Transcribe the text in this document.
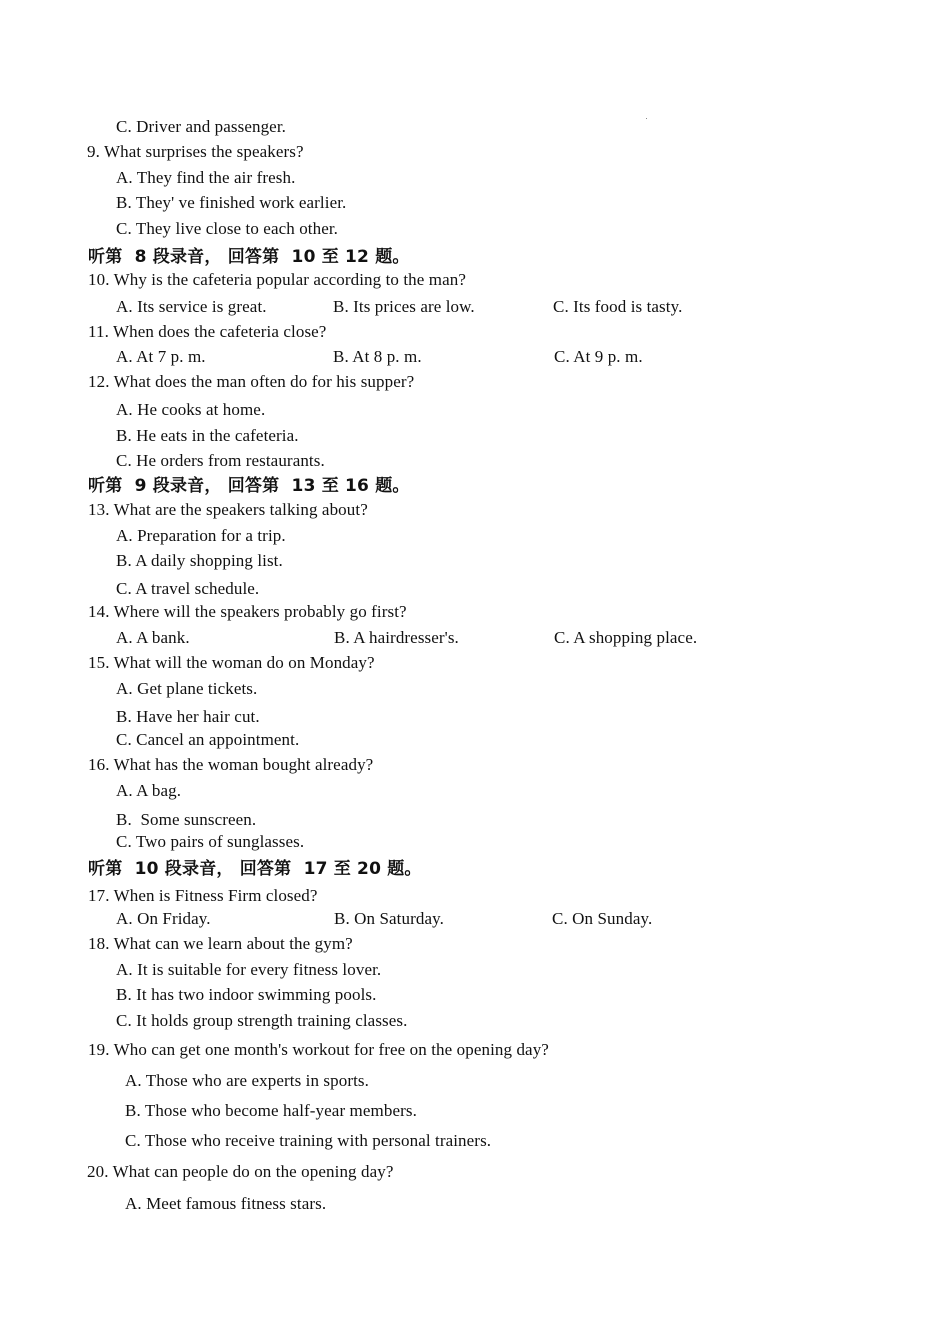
C. Driver and passenger.
9. What surprises the speakers?
A. They find the air fresh.
B. They' ve finished work earlier.
C. They live close to each other.
听第  8 段录音， 回答第  10 至 12 题。
10. Why is the cafeteria popular according to the man?
A. Its service is great.	B. Its prices are low.	C. Its food is tasty.
11. When does the cafeteria close?
A. At 7 p. m.	B. At 8 p. m.	C. At 9 p. m.
12. What does the man often do for his supper?
A. He cooks at home.
B. He eats in the cafeteria.
C. He orders from restaurants.
听第  9 段录音， 回答第  13 至 16 题。
13. What are the speakers talking about?
A. Preparation for a trip.
B. A daily shopping list.
C. A travel schedule.
14. Where will the speakers probably go first?
A. A bank.	B. A hairdresser's.	C. A shopping place.
15. What will the woman do on Monday?
A. Get plane tickets.
B. Have her hair cut.
C. Cancel an appointment.
16. What has the woman bought already?
A. A bag.
B.  Some sunscreen.
C. Two pairs of sunglasses.
听第  10 段录音， 回答第  17 至 20 题。
17. When is Fitness Firm closed?
A. On Friday.	B. On Saturday.	C. On Sunday.
18. What can we learn about the gym?
A. It is suitable for every fitness lover.
B. It has two indoor swimming pools.
C. It holds group strength training classes.
19. Who can get one month's workout for free on the opening day?
A. Those who are experts in sports.
B. Those who become half-year members.
C. Those who receive training with personal trainers.
20. What can people do on the opening day?
A. Meet famous fitness stars.
